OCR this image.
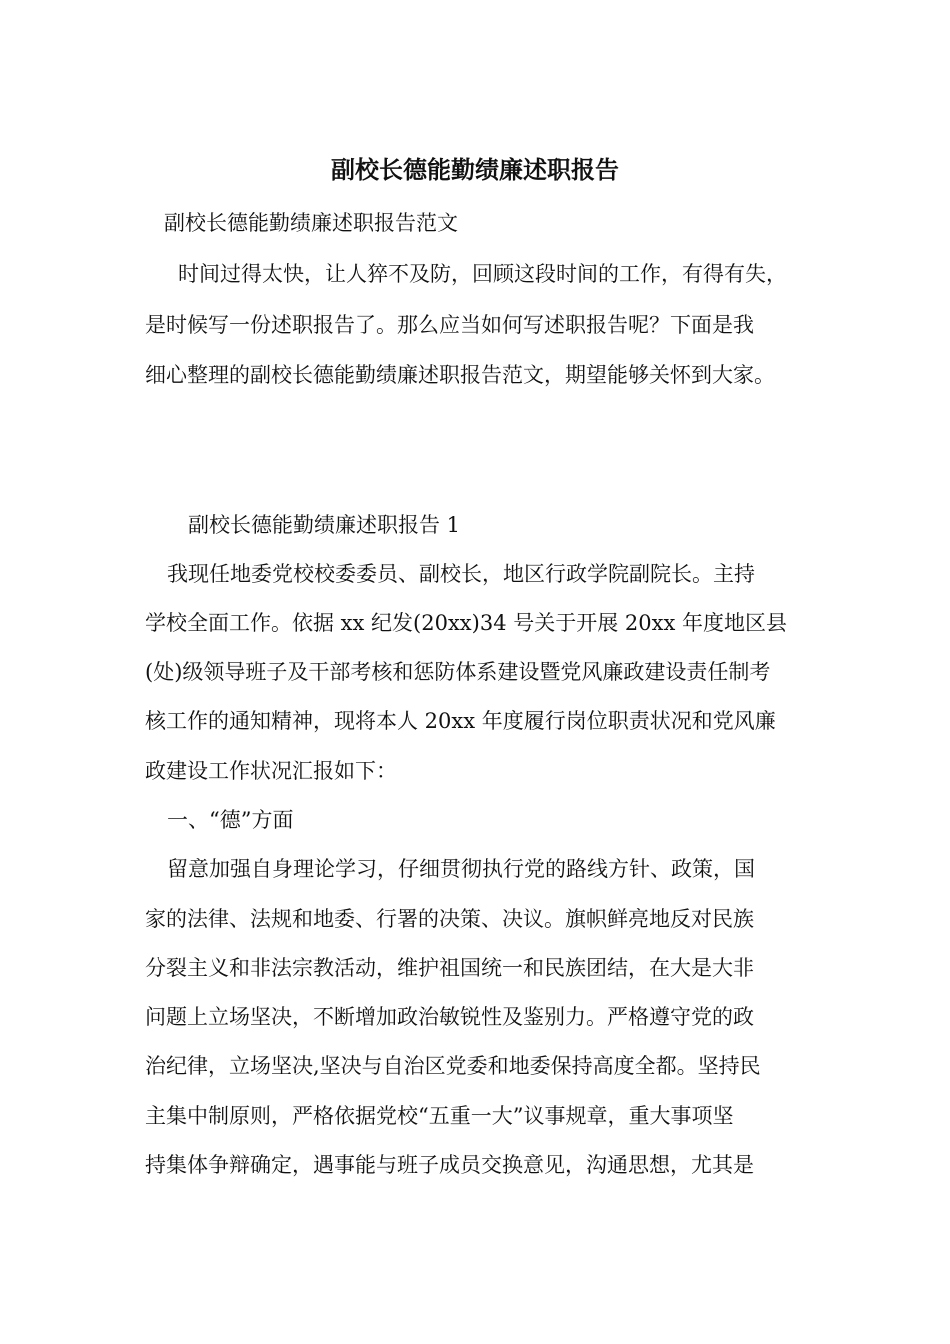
副校长德能勤绩廉述职报告
副校长德能勤绩廉述职报告范文
时间过得太快，让人猝不及防，回顾这段时间的工作，有得有失，
是时候写一份述职报告了。那么应当如何写述职报告呢？下面是我
细心整理的副校长德能勤绩廉述职报告范文，期望能够关怀到大家。
副校长德能勤绩廉述职报告 1
我现任地委党校校委委员、副校长，地区行政学院副院长。主持
学校全面工作。依据 xx 纪发(20xx)34 号关于开展 20xx 年度地区县
(处)级领导班子及干部考核和惩防体系建设暨党风廉政建设责任制考
核工作的通知精神，现将本人 20xx 年度履行岗位职责状况和党风廉
政建设工作状况汇报如下：
一、“德”方面
留意加强自身理论学习，仔细贯彻执行党的路线方针、政策，国
家的法律、法规和地委、行署的决策、决议。旗帜鲜亮地反对民族
分裂主义和非法宗教活动，维护祖国统一和民族团结，在大是大非
问题上立场坚决，不断增加政治敏锐性及鉴别力。严格遵守党的政
治纪律，立场坚决,坚决与自治区党委和地委保持高度全都。坚持民
主集中制原则，严格依据党校“五重一大”议事规章，重大事项坚
持集体争辩确定，遇事能与班子成员交换意见，沟通思想，尤其是
